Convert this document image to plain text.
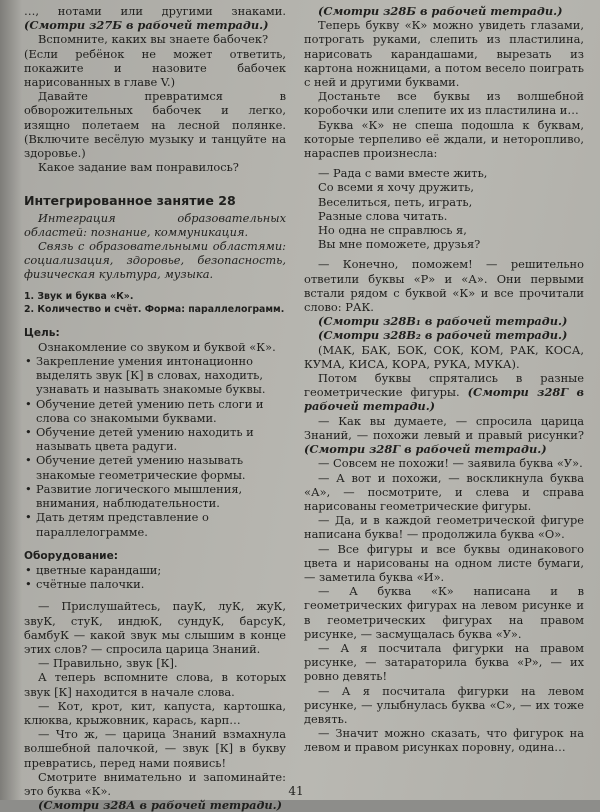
…, нотами или другими знаками. (Смотри з27Б в рабочей тетради.)

Вспомните, каких вы знаете бабочек?

(Если ребёнок не может ответить, покажите и назовите бабочек нарисованных в главе V.)

Давайте превратимся в обворожительных бабочек и легко, изящно полетаем на лесной полянке. (Включите весёлую музыку и танцуйте на здоровье.)

Какое задание вам понравилось?

Интегрированное занятие 28

Интеграция образовательных областей: познание, коммуникация.

Связь с образовательными областями: социализация, здоровье, безопасность, физическая культура, музыка.

1. Звук и буква «К».
2. Количество и счёт. Форма: параллелограмм.
Цель:

Ознакомление со звуком и буквой «К».

• Закрепление умения интонационно выделять звук [К] в словах, находить, узнавать и называть знакомые буквы.
• Обучение детей умению петь слоги и слова со знакомыми буквами.
• Обучение детей умению находить и называть цвета радуги.
• Обучение детей умению называть знакомые геометрические формы.
• Развитие логического мышления, внимания, наблюдательности.
• Дать детям представление о параллелограмме.
Оборудование:
• цветные карандаши;
• счётные палочки.

— Прислушайтесь, пауК, луК, жуК, звуК, стуК, индюК, сундуК, барсуК, бамбуК — какой звук мы слышим в конце этих слов? — спросила царица Знаний.

— Правильно, звук [К].

А теперь вспомните слова, в которых звук [К] находится в начале слова.

— Кот, крот, кит, капуста, картошка, клюква, крыжовник, карась, карп…

— Что ж, — царица Знаний взмахнула волшебной палочкой, — звук [К] в букву превратись, перед нами появись!

Смотрите внимательно и запоминайте: это буква «К».

(Смотри з28А в рабочей тетради.)

(Смотри з28Б в рабочей тетради.)

Теперь букву «К» можно увидеть глазами, потрогать руками, слепить из пластилина, нарисовать карандашами, вырезать из картона ножницами, а потом весело поиграть с ней и другими буквами.

Достаньте все буквы из волшебной коробочки или слепите их из пластилина и…

Буква «К» не спеша подошла к буквам, которые терпеливо её ждали, и неторопливо, нараспев произнесла:

— Рада с вами вместе жить,
Со всеми я хочу дружить,
Веселиться, петь, играть,
Разные слова читать.
Но одна не справлюсь я,
Вы мне поможете, друзья?

— Конечно, поможем! — решительно ответили буквы «Р» и «А». Они первыми встали рядом с буквой «К» и все прочитали слово: РАК.

(Смотри з28В₁ в рабочей тетради.)

(Смотри з28В₂ в рабочей тетради.)

(МАК, БАК, БОК, СОК, КОМ, РАК, КОСА, КУМА, КИСА, КОРА, РУКА, МУКА).

Потом буквы спрятались в разные геометрические фигуры. (Смотри з28Г в рабочей тетради.)

— Как вы думаете, — спросила царица Знаний, — похожи левый и правый рисунки? (Смотри з28Г в рабочей тетради.)

— Совсем не похожи! — заявила буква «У».

— А вот и похожи, — воскликнула буква «А», — посмотрите, и слева и справа нарисованы геометрические фигуры.

— Да, и в каждой геометрической фигуре написана буква! — продолжила буква «О».

— Все фигуры и все буквы одинакового цвета и нарисованы на одном листе бумаги, — заметила буква «И».

— А буква «К» написана и в геометрических фигурах на левом рисунке и в геометрических фигурах на правом рисунке, — засмущалась буква «У».

— А я посчитала фигурки на правом рисунке, — затараторила буква «Р», — их ровно девять!

— А я посчитала фигурки на левом рисунке, — улыбнулась буква «С», — их тоже девять.

— Значит можно сказать, что фигурок на левом и правом рисунках поровну, одина…

41
